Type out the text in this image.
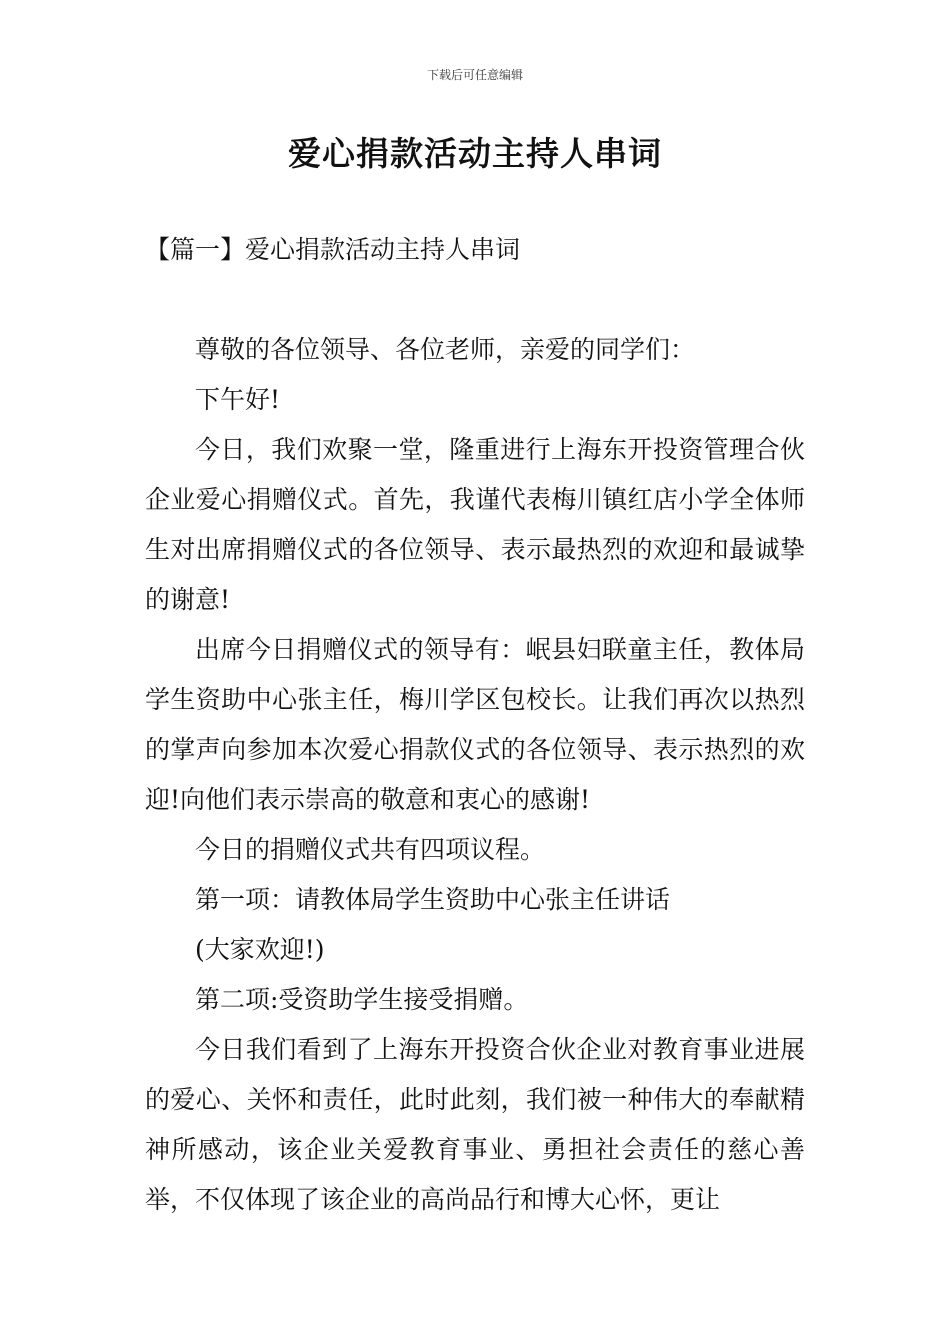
下载后可任意编辑
爱心捐款活动主持人串词
【篇一】爱心捐款活动主持人串词

尊敬的各位领导、各位老师，亲爱的同学们：

下午好!

今日，我们欢聚一堂，隆重进行上海东开投资管理合伙企业爱心捐赠仪式。首先，我谨代表梅川镇红店小学全体师生对出席捐赠仪式的各位领导、表示最热烈的欢迎和最诚挚的谢意!

出席今日捐赠仪式的领导有：岷县妇联童主任，教体局学生资助中心张主任，梅川学区包校长。让我们再次以热烈的掌声向参加本次爱心捐款仪式的各位领导、表示热烈的欢迎!向他们表示崇高的敬意和衷心的感谢!

今日的捐赠仪式共有四项议程。

第一项：请教体局学生资助中心张主任讲话

(大家欢迎!)

第二项:受资助学生接受捐赠。

今日我们看到了上海东开投资合伙企业对教育事业进展的爱心、关怀和责任，此时此刻，我们被一种伟大的奉献精神所感动，该企业关爱教育事业、勇担社会责任的慈心善举，不仅体现了该企业的高尚品行和博大心怀，更让
